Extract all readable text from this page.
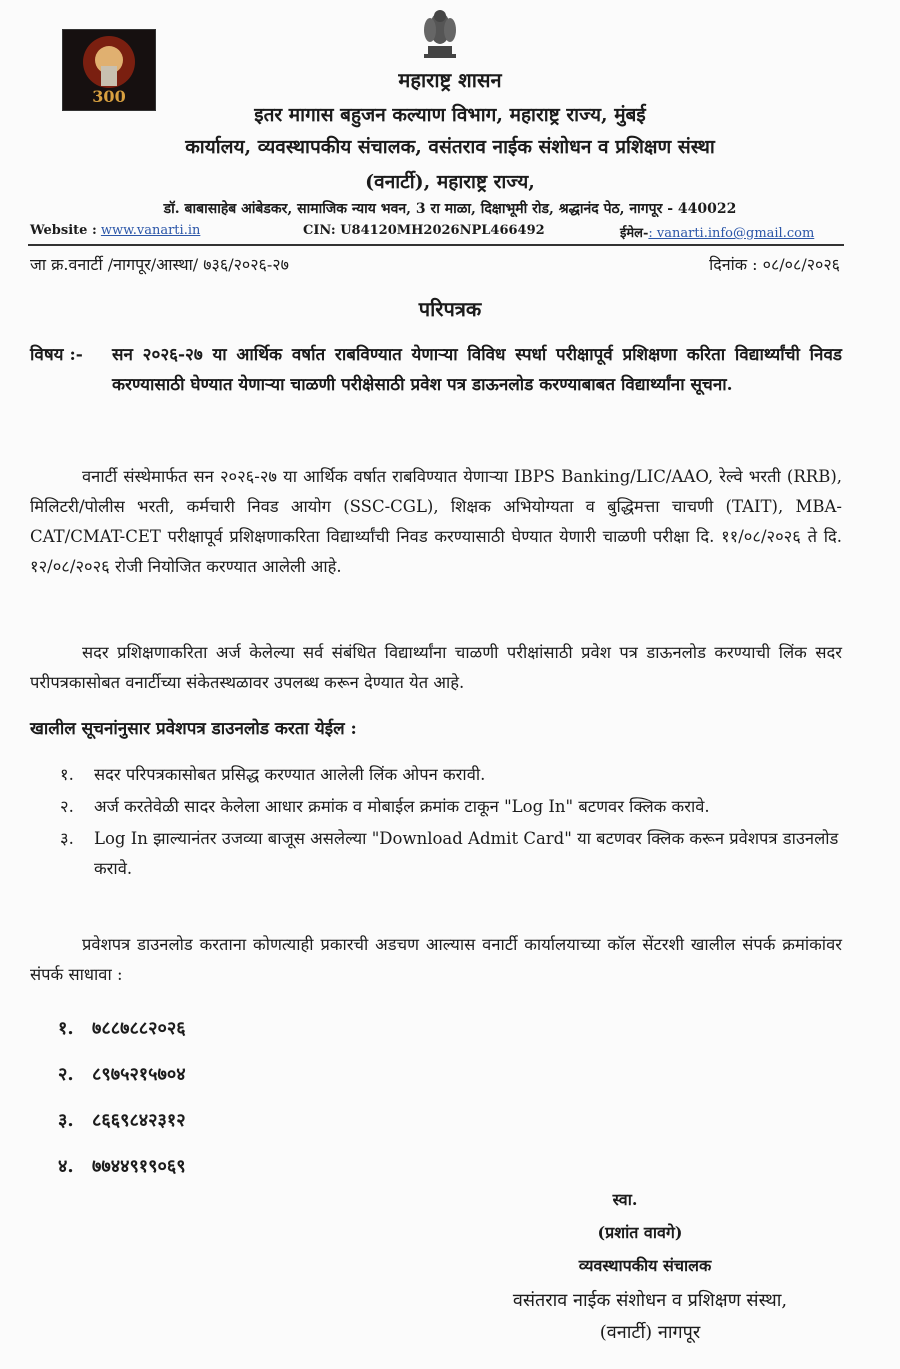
300
महाराष्ट्र शासन
इतर मागास बहुजन कल्याण विभाग, महाराष्ट्र राज्य, मुंबई
कार्यालय, व्यवस्थापकीय संचालक, वसंतराव नाईक संशोधन व प्रशिक्षण संस्था
(वनार्टी), महाराष्ट्र राज्य,
डॉ. बाबासाहेब आंबेडकर, सामाजिक न्याय भवन, 3 रा माळा, दिक्षाभूमी रोड, श्रद्धानंद पेठ, नागपूर - 440022
Website : www.vanarti.in	CIN: U84120MH2026NPL466492	ईमेल-: vanarti.info@gmail.com
जा क्र.वनार्टी /नागपूर/आस्था/ ७३६/२०२६-२७	दिनांक : ०८/०८/२०२६
परिपत्रक
विषय :-	सन २०२६-२७ या आर्थिक वर्षात राबविण्यात येणाऱ्या विविध स्पर्धा परीक्षापूर्व प्रशिक्षणा करिता विद्यार्थ्यांची निवड करण्यासाठी घेण्यात येणाऱ्या चाळणी परीक्षेसाठी प्रवेश पत्र डाऊनलोड करण्याबाबत विद्यार्थ्यांना सूचना.
वनार्टी संस्थेमार्फत सन २०२६-२७ या आर्थिक वर्षात राबविण्यात येणाऱ्या IBPS Banking/LIC/AAO, रेल्वे भरती (RRB), मिलिटरी/पोलीस भरती, कर्मचारी निवड आयोग (SSC-CGL), शिक्षक अभियोग्यता व बुद्धिमत्ता चाचणी (TAIT), MBA-CAT/CMAT-CET परीक्षापूर्व प्रशिक्षणाकरिता विद्यार्थ्यांची निवड करण्यासाठी घेण्यात येणारी चाळणी परीक्षा दि. ११/०८/२०२६ ते दि. १२/०८/२०२६ रोजी नियोजित करण्यात आलेली आहे.
सदर प्रशिक्षणाकरिता अर्ज केलेल्या सर्व संबंधित विद्यार्थ्यांना चाळणी परीक्षांसाठी प्रवेश पत्र डाऊनलोड करण्याची लिंक सदर परीपत्रकासोबत वनार्टीच्या संकेतस्थळावर उपलब्ध करून देण्यात येत आहे.
खालील सूचनांनुसार प्रवेशपत्र डाउनलोड करता येईल :
१. सदर परिपत्रकासोबत प्रसिद्ध करण्यात आलेली लिंक ओपन करावी.
२. अर्ज करतेवेळी सादर केलेला आधार क्रमांक व मोबाईल क्रमांक टाकून "Log In" बटणवर क्लिक करावे.
३. Log In झाल्यानंतर उजव्या बाजूस असलेल्या "Download Admit Card" या बटणवर क्लिक करून प्रवेशपत्र डाउनलोड करावे.
प्रवेशपत्र डाउनलोड करताना कोणत्याही प्रकारची अडचण आल्यास वनार्टी कार्यालयाच्या कॉल सेंटरशी खालील संपर्क क्रमांकांवर संपर्क साधावा :
१. ७८८७८८२०२६
२. ८९७५२१५७०४
३. ८६६९८४२३१२
४. ७७४४९१९०६९
स्वा.
(प्रशांत वावगे)
व्यवस्थापकीय संचालक
वसंतराव नाईक संशोधन व प्रशिक्षण संस्था,
(वनार्टी) नागपूर
